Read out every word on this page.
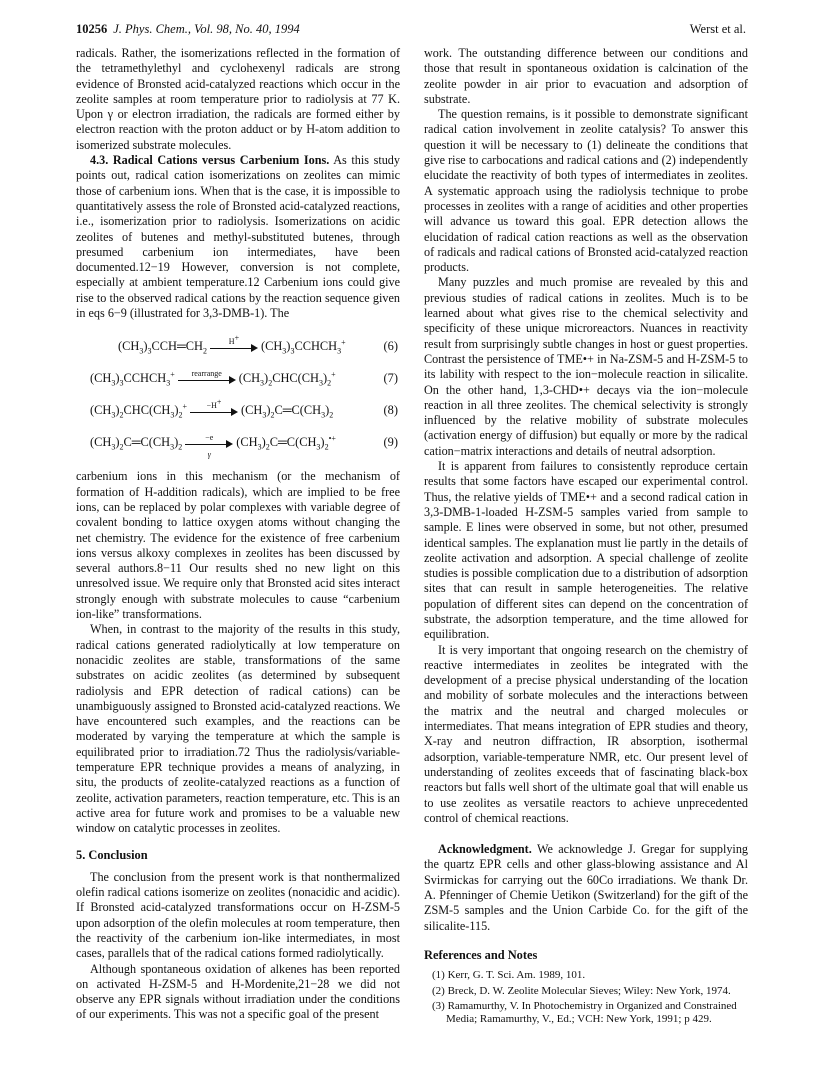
10256 J. Phys. Chem., Vol. 98, No. 40, 1994	Werst et al.

radicals. Rather, the isomerizations reflected in the formation of the tetramethylethyl and cyclohexenyl radicals are strong evidence of Bronsted acid-catalyzed reactions which occur in the zeolite samples at room temperature prior to radiolysis at 77 K. Upon γ or electron irradiation, the radicals are formed either by electron reaction with the proton adduct or by H-atom addition to isomerized substrate molecules.

4.3. Radical Cations versus Carbenium Ions. As this study points out, radical cation isomerizations on zeolites can mimic those of carbenium ions. When that is the case, it is impossible to quantitatively assess the role of Bronsted acid-catalyzed reactions, i.e., isomerization prior to radiolysis. Isomerizations on acidic zeolites of butenes and methyl-substituted butenes, through presumed carbenium ion intermediates, have been documented.12−19 However, conversion is not complete, especially at ambient temperature.12 Carbenium ions could give rise to the observed radical cations by the reaction sequence given in eqs 6−9 (illustrated for 3,3-DMB-1). The

$(CH_3)_3CCH═CH_2$
H+
$(CH_3)_3CCHCH_3^+$	(6)
$(CH_3)_3CCHCH_3^+$	rearrange	$(CH_3)_2CHC(CH_3)_2^+$	(7)
$(CH_3)_2CHC(CH_3)_2^+$	−H+
$(CH_3)_2C═C(CH_3)_2$	(8)
$(CH_3)_2C═C(CH_3)_2 \frac{-e}{\gamma}$ $(CH_3)_2C═C(CH_3)_2^{•+}$	(9)

carbenium ions in this mechanism (or the mechanism of formation of H-addition radicals), which are implied to be free ions, can be replaced by polar complexes with variable degree of covalent bonding to lattice oxygen atoms without changing the net chemistry. The evidence for the existence of free carbenium ions versus alkoxy complexes in zeolites has been discussed by several authors.8−11 Our results shed no new light on this unresolved issue. We require only that Bronsted acid sites interact strongly enough with substrate molecules to cause “carbenium ion-like” transformations.

When, in contrast to the majority of the results in this study, radical cations generated radiolytically at low temperature on nonacidic zeolites are stable, transformations of the same substrates on acidic zeolites (as determined by subsequent radiolysis and EPR detection of radical cations) can be unambiguously assigned to Bronsted acid-catalyzed reactions. We have encountered such examples, and the reactions can be moderated by varying the temperature at which the sample is equilibrated prior to irradiation.72 Thus the radiolysis/variable-temperature EPR technique provides a means of analyzing, in situ, the products of zeolite-catalyzed reactions as a function of zeolite, activation parameters, reaction temperature, etc. This is an active area for future work and promises to be a valuable new window on catalytic processes in zeolites.

5. Conclusion

The conclusion from the present work is that nonthermalized olefin radical cations isomerize on zeolites (nonacidic and acidic). If Bronsted acid-catalyzed transformations occur on H-ZSM-5 upon adsorption of the olefin molecules at room temperature, then the reactivity of the carbenium ion-like intermediates, in most cases, parallels that of the radical cations formed radiolytically.

Although spontaneous oxidation of alkenes has been reported on activated H-ZSM-5 and H-Mordenite,21−28 we did not observe any EPR signals without irradiation under the conditions of our experiments. This was not a specific goal of the present

work. The outstanding difference between our conditions and those that result in spontaneous oxidation is calcination of the zeolite powder in air prior to evacuation and adsorption of substrate.

The question remains, is it possible to demonstrate significant radical cation involvement in zeolite catalysis? To answer this question it will be necessary to (1) delineate the conditions that give rise to carbocations and radical cations and (2) independently elucidate the reactivity of both types of intermediates in zeolites. A systematic approach using the radiolysis technique to probe processes in zeolites with a range of acidities and other properties will advance us toward this goal. EPR detection allows the elucidation of radical cation reactions as well as the observation of radicals and radical cations of Bronsted acid-catalyzed reaction products.

Many puzzles and much promise are revealed by this and previous studies of radical cations in zeolites. Much is to be learned about what gives rise to the chemical selectivity and specificity of these unique microreactors. Nuances in reactivity result from surprisingly subtle changes in host or guest properties. Contrast the persistence of TME•+ in Na-ZSM-5 and H-ZSM-5 to its lability with respect to the ion−molecule reaction in silicalite. On the other hand, 1,3-CHD•+ decays via the ion−molecule reaction in all three zeolites. The chemical selectivity is strongly influenced by the relative mobility of substrate molecules (activation energy of diffusion) but equally or more by the radical cation−matrix interactions and details of neutral adsorption.

It is apparent from failures to consistently reproduce certain results that some factors have escaped our experimental control. Thus, the relative yields of TME•+ and a second radical cation in 3,3-DMB-1-loaded H-ZSM-5 samples varied from sample to sample. E lines were observed in some, but not other, presumed identical samples. The explanation must lie partly in the details of zeolite activation and adsorption. A special challenge of zeolite studies is possible complication due to a distribution of adsorption sites that can result in sample heterogeneities. The relative population of different sites can depend on the concentration of substrate, the adsorption temperature, and the time allowed for equilibration.

It is very important that ongoing research on the chemistry of reactive intermediates in zeolites be integrated with the development of a precise physical understanding of the location and mobility of sorbate molecules and the interactions between the matrix and the neutral and charged molecules or intermediates. That means integration of EPR studies and theory, X-ray and neutron diffraction, IR absorption, isothermal adsorption, variable-temperature NMR, etc. Our present level of understanding of zeolites exceeds that of fascinating black-box reactors but falls well short of the ultimate goal that will enable us to use zeolites as versatile reactors to achieve unprecedented control of chemical reactions.

Acknowledgment. We acknowledge J. Gregar for supplying the quartz EPR cells and other glass-blowing assistance and Al Svirmickas for carrying out the 60Co irradiations. We thank Dr. A. Pfenninger of Chemie Uetikon (Switzerland) for the gift of the ZSM-5 samples and the Union Carbide Co. for the gift of the silicalite-115.

References and Notes

(1) Kerr, G. T. Sci. Am. 1989, 101.

(2) Breck, D. W. Zeolite Molecular Sieves; Wiley: New York, 1974.

(3) Ramamurthy, V. In Photochemistry in Organized and Constrained Media; Ramamurthy, V., Ed.; VCH: New York, 1991; p 429.
